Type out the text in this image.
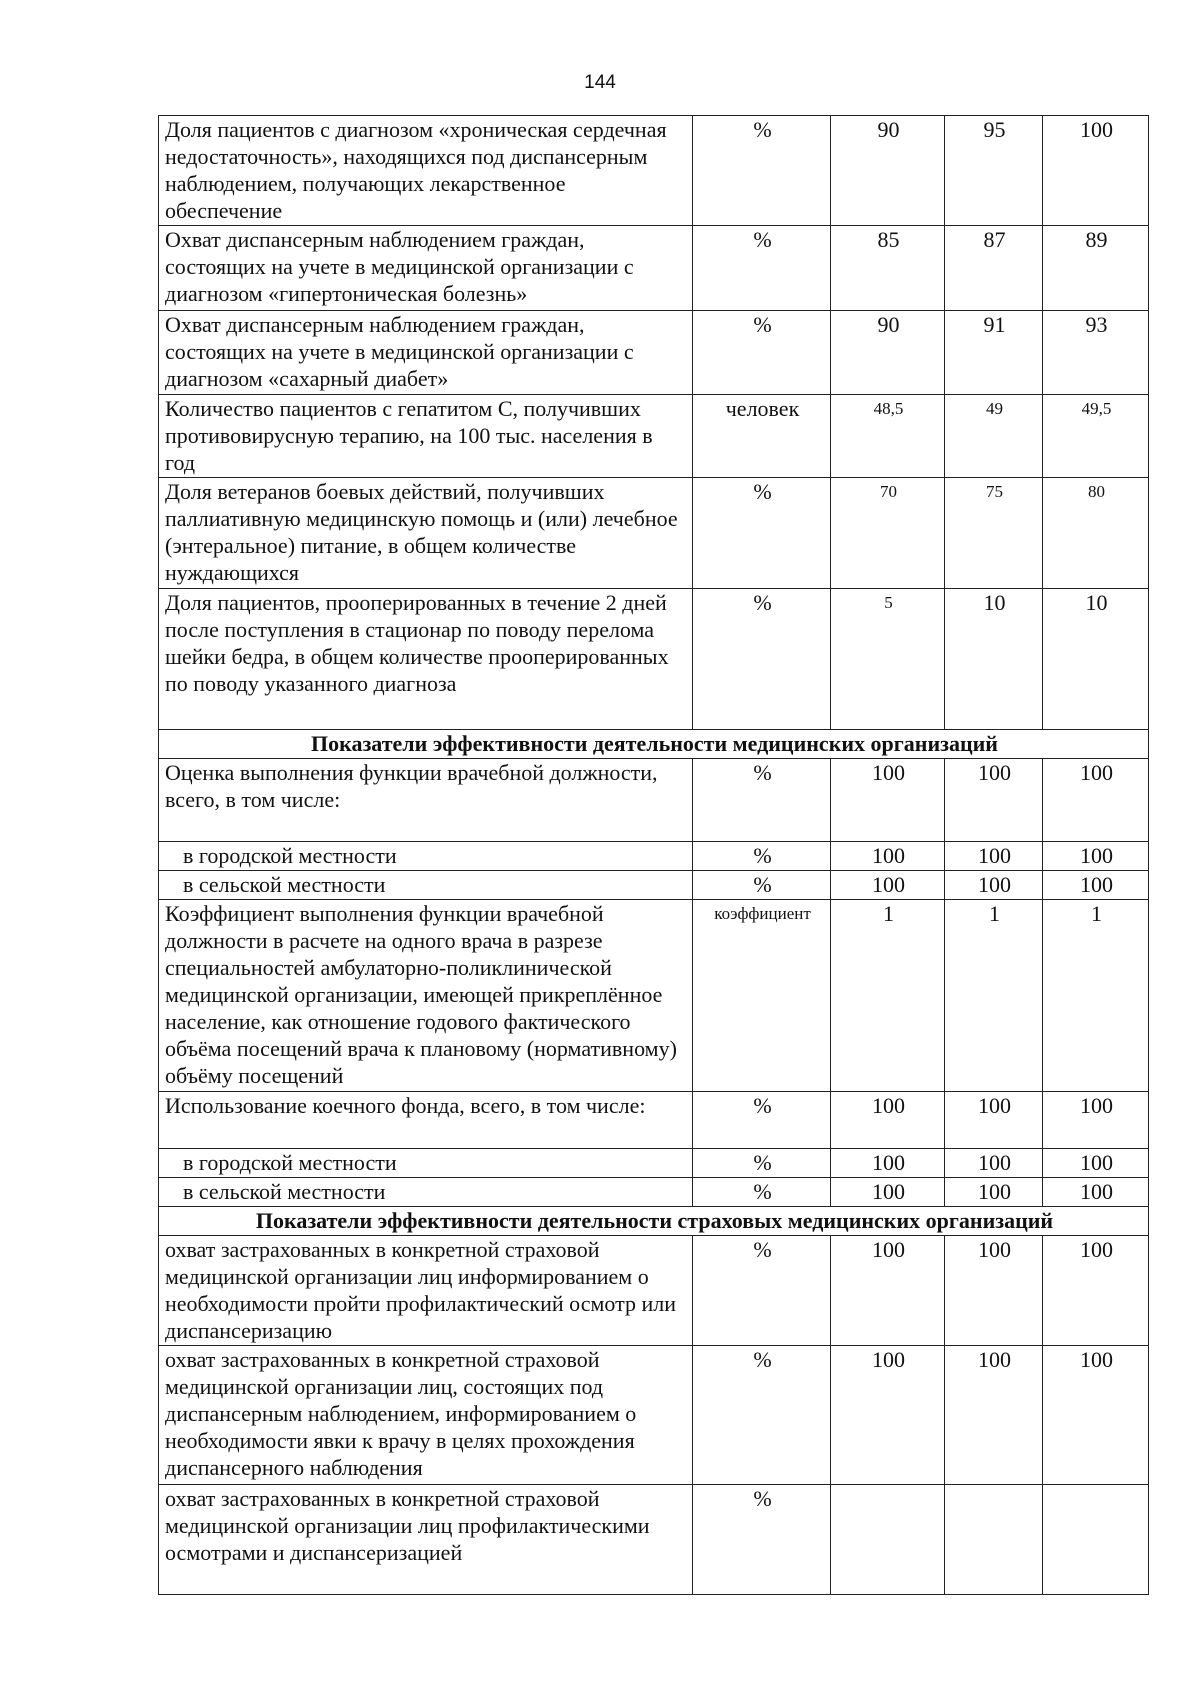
144
Доля пациентов с диагнозом «хроническая сердечная недостаточность», находящихся под диспансерным наблюдением, получающих лекарственное обеспечение	%	90	95	100
Охват диспансерным наблюдением граждан, состоящих на учете в медицинской организации с диагнозом «гипертоническая болезнь»	%	85	87	89
Охват диспансерным наблюдением граждан, состоящих на учете в медицинской организации с диагнозом «сахарный диабет»	%	90	91	93
Количество пациентов с гепатитом С, получивших противовирусную терапию, на 100 тыс. населения в год	человек	48,5	49	49,5
Доля ветеранов боевых действий, получивших паллиативную медицинскую помощь и (или) лечебное (энтеральное) питание, в общем количестве нуждающихся	%	70	75	80
Доля пациентов, прооперированных в течение 2 дней после поступления в стационар по поводу перелома шейки бедра, в общем количестве прооперированных по поводу указанного диагноза	%	5	10	10
Показатели эффективности деятельности медицинских организаций				
Оценка выполнения функции врачебной должности, всего, в том числе:	%	100	100	100
в городской местности	%	100	100	100
в сельской местности	%	100	100	100
Коэффициент выполнения функции врачебной должности в расчете на одного врача в разрезе специальностей амбулаторно-поликлинической медицинской организации, имеющей прикреплённое население, как отношение годового фактического объёма посещений врача к плановому (нормативному) объёму посещений	коэффициент	1	1	1
Использование коечного фонда, всего, в том числе:	%	100	100	100
в городской местности	%	100	100	100
в сельской местности	%	100	100	100
Показатели эффективности деятельности страховых медицинских организаций				
охват застрахованных в конкретной страховой медицинской организации лиц информированием о необходимости пройти профилактический осмотр или диспансеризацию	%	100	100	100
охват застрахованных в конкретной страховой медицинской организации лиц, состоящих под диспансерным наблюдением, информированием о необходимости явки к врачу в целях прохождения диспансерного наблюдения	%	100	100	100
охват застрахованных в конкретной страховой медицинской организации лиц профилактическими осмотрами и диспансеризацией	%			
